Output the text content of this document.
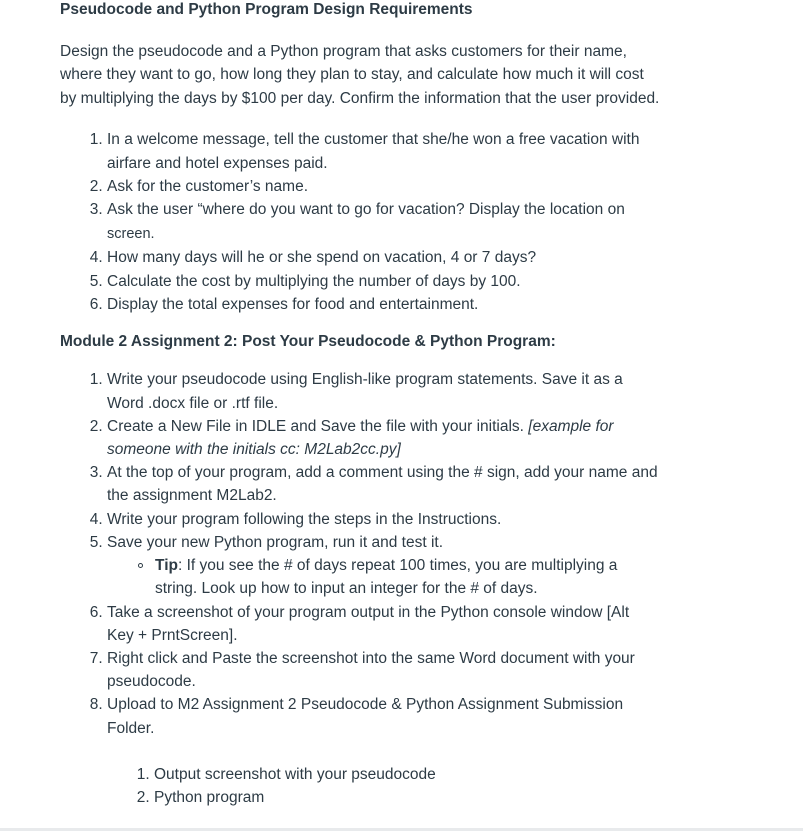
Pseudocode and Python Program Design Requirements

Design the pseudocode and a Python program that asks customers for their name, where they want to go, how long they plan to stay, and calculate how much it will cost by multiplying the days by $100 per day. Confirm the information that the user provided.

1. In a welcome message, tell the customer that she/he won a free vacation with airfare and hotel expenses paid.
2. Ask for the customer’s name.
3. Ask the user “where do you want to go for vacation? Display the location on
screen.
4. How many days will he or she spend on vacation, 4 or 7 days?
5. Calculate the cost by multiplying the number of days by 100.
6. Display the total expenses for food and entertainment.
Module 2 Assignment 2: Post Your Pseudocode & Python Program:
1. Write your pseudocode using English-like program statements. Save it as a Word .docx file or .rtf file.
2. Create a New File in IDLE and Save the file with your initials. [example for someone with the initials cc: M2Lab2cc.py]
3. At the top of your program, add a comment using the # sign, add your name and the assignment M2Lab2.
4. Write your program following the steps in the Instructions.
5. Save your new Python program, run it and test it.
Tip: If you see the # of days repeat 100 times, you are multiplying a string. Look up how to input an integer for the # of days.
6. Take a screenshot of your program output in the Python console window [Alt Key + PrntScreen].
7. Right click and Paste the screenshot into the same Word document with your pseudocode.
8. Upload to M2 Assignment 2 Pseudocode & Python Assignment Submission Folder.
1. Output screenshot with your pseudocode
2. Python program
